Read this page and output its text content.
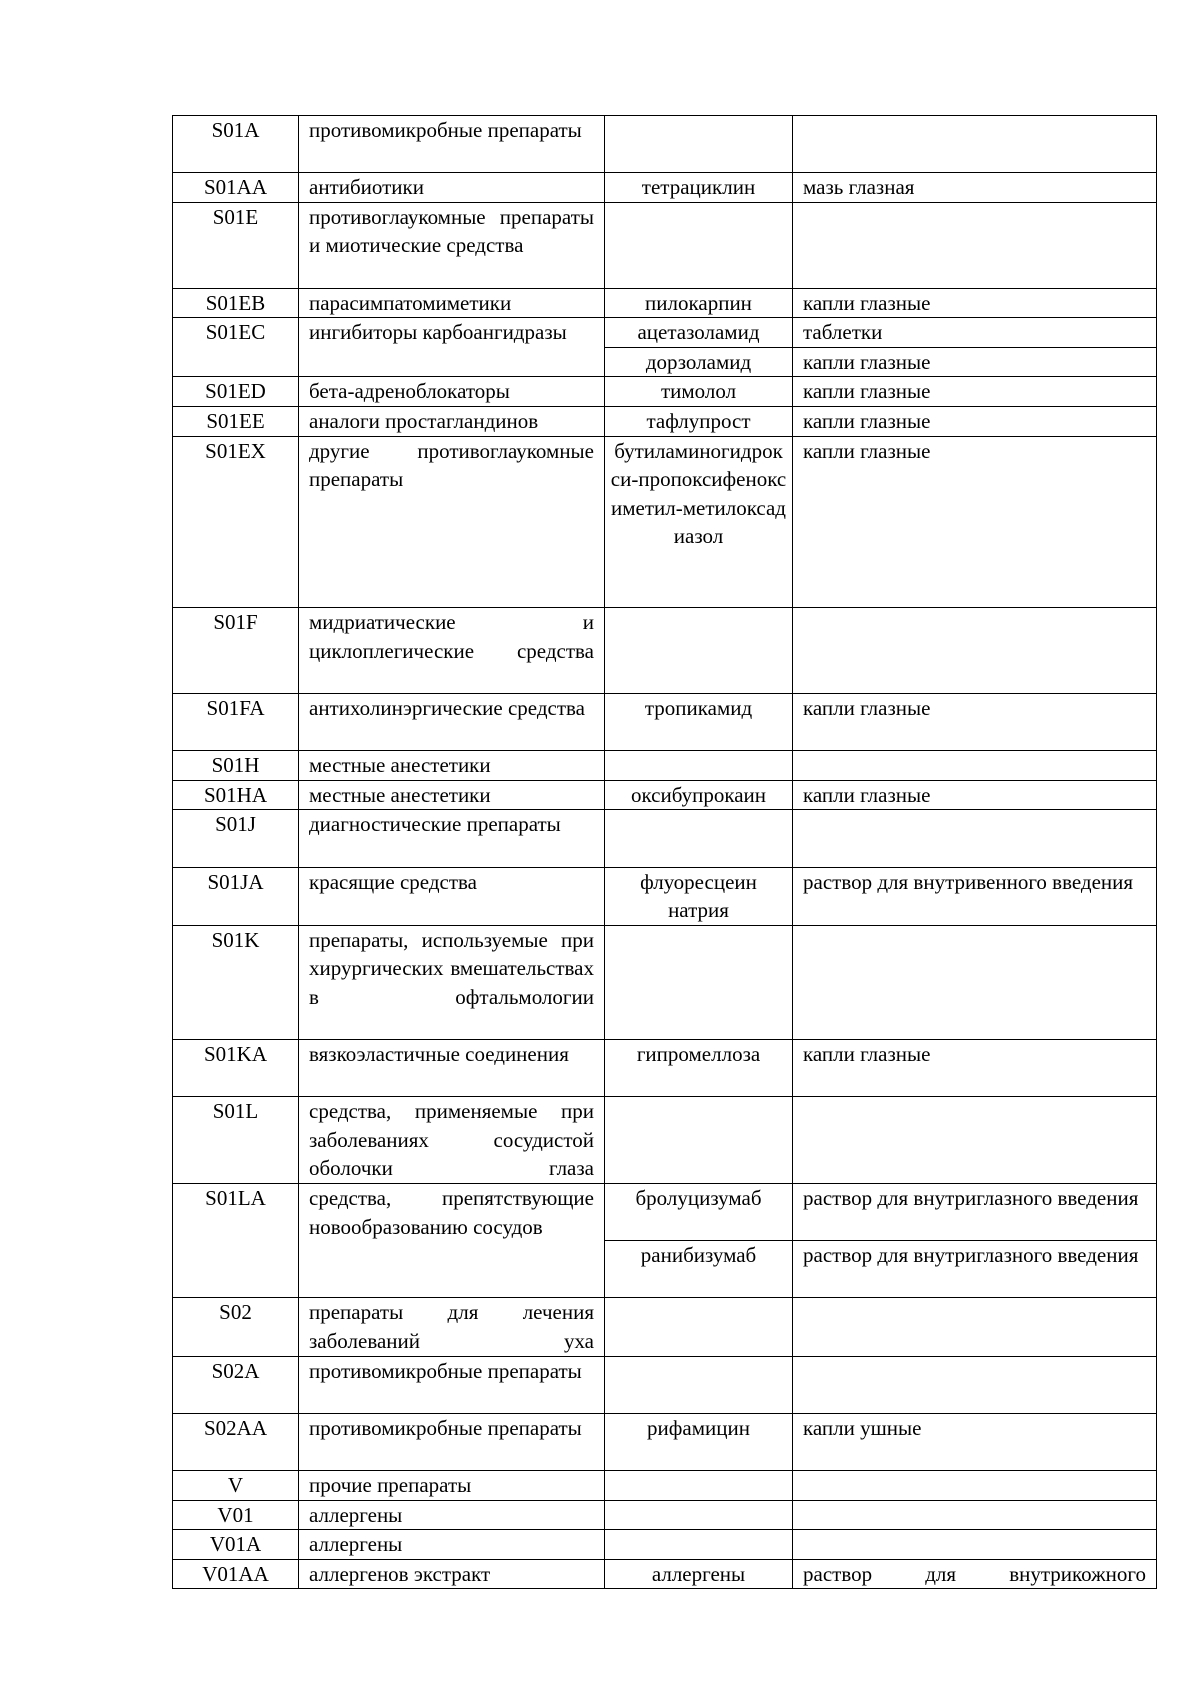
S01A	противомикробные препараты		
S01AA	антибиотики	тетрациклин	мазь глазная
S01E	противоглаукомные препараты и миотические средства		
S01EB	парасимпатомиметики	пилокарпин	капли глазные
S01EC	ингибиторы карбоангидразы	ацетазоламид	таблетки
		дорзоламид	капли глазные
S01ED	бета-адреноблокаторы	тимолол	капли глазные
S01EE	аналоги простагландинов	тафлупрост	капли глазные
S01EX	другие противоглаукомные препараты	бутиламиногидрокси-пропоксифеноксиметил-метилоксадиазол	капли глазные
S01F	мидриатические и циклоплегические средства		
S01FA	антихолинэргические средства	тропикамид	капли глазные
S01H	местные анестетики		
S01HA	местные анестетики	оксибупрокаин	капли глазные
S01J	диагностические препараты		
S01JA	красящие средства	флуоресцеин натрия	раствор для внутривенного введения
S01K	препараты, используемые при хирургических вмешательствах в офтальмологии		
S01KA	вязкоэластичные соединения	гипромеллоза	капли глазные
S01L	средства, применяемые при заболеваниях сосудистой оболочки глаза		
S01LA	средства, препятствующие новообразованию сосудов	бролуцизумаб	раствор для внутриглазного введения
		ранибизумаб	раствор для внутриглазного введения
S02	препараты для лечения заболеваний уха		
S02A	противомикробные препараты		
S02AA	противомикробные препараты	рифамицин	капли ушные
V	прочие препараты		
V01	аллергены		
V01A	аллергены		
V01AA	аллергенов экстракт	аллергены	раствор для внутрикожного
